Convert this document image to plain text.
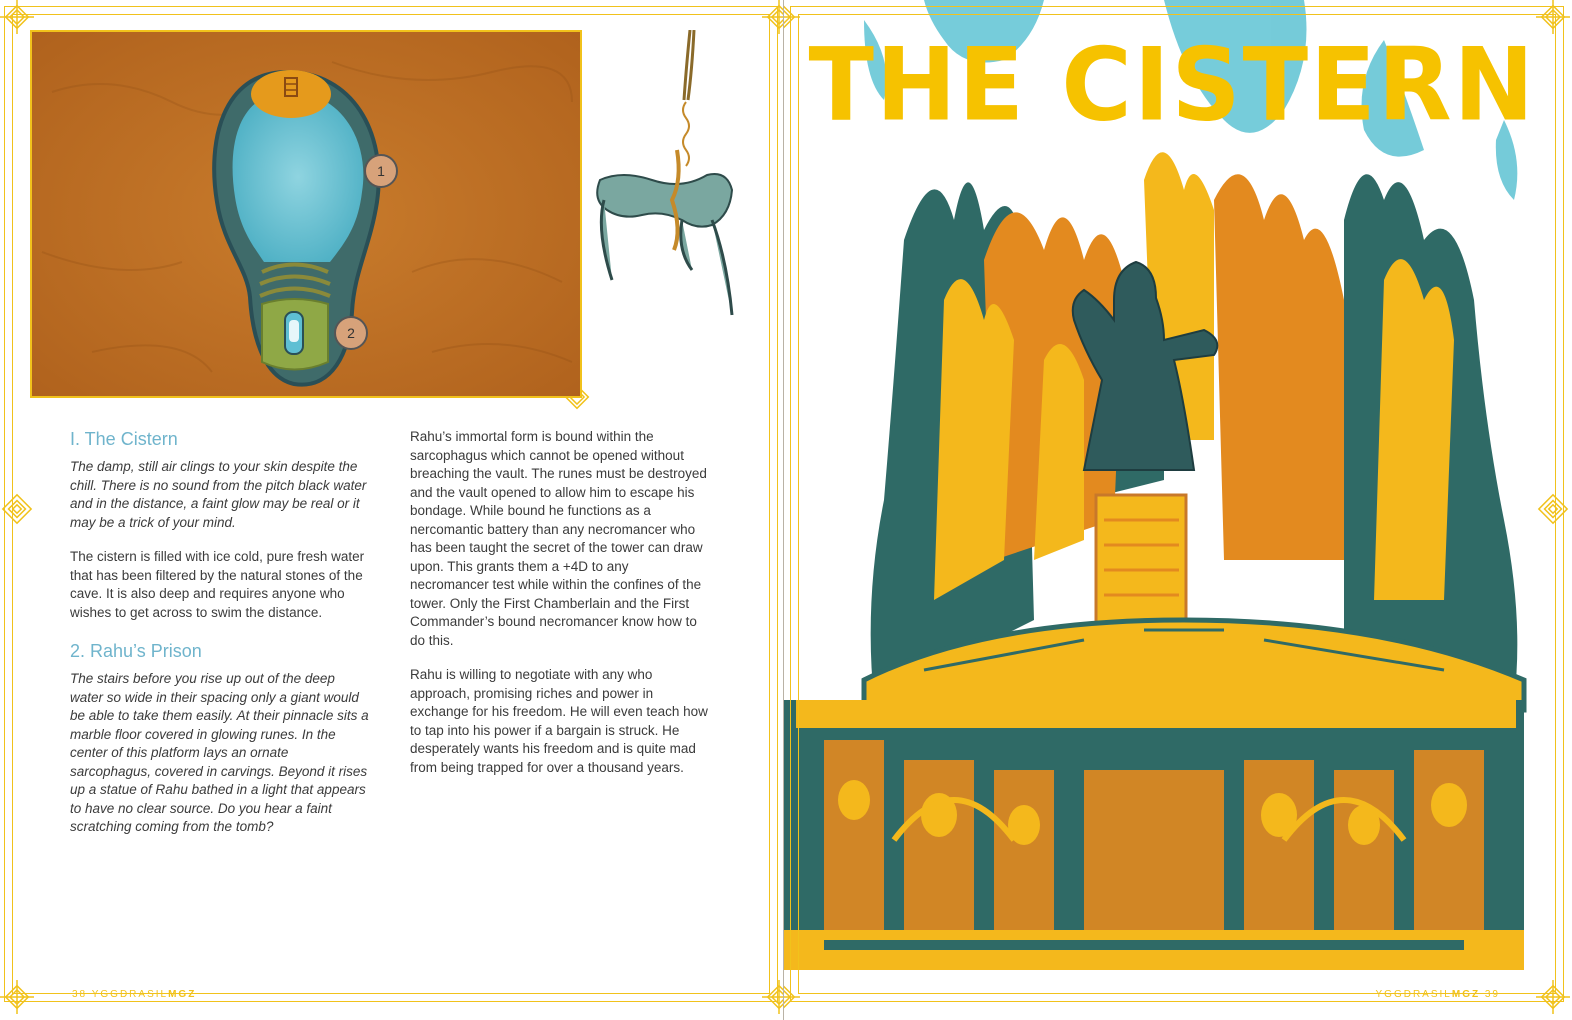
1
2
I. The Cistern

The damp, still air clings to your skin despite the chill. There is no sound from the pitch black water and in the distance, a faint glow may be real or it may be a trick of your mind.

The cistern is filled with ice cold, pure fresh water that has been filtered by the natural stones of the cave. It is also deep and requires anyone who wishes to get across to swim the distance.

2. Rahu’s Prison

The stairs before you rise up out of the deep water so wide in their spacing only a giant would be able to take them easily. At their pinnacle sits a marble floor covered in glowing runes. In the center of this platform lays an ornate sarcophagus, covered in carvings. Beyond it rises up a statue of Rahu bathed in a light that appears to have no clear source. Do you hear a faint scratching coming from the tomb?

Rahu’s immortal form is bound within the sarcophagus which cannot be opened without breaching the vault. The runes must be destroyed and the vault opened to allow him to escape his bondage. While bound he functions as a nercomantic battery than any necromancer who has been taught the secret of the tower can draw upon. This grants them a +4D to any necromancer test while within the confines of the tower. Only the First Chamberlain and the First Commander’s bound necromancer know how to do this.

Rahu is willing to negotiate with any who approach, promising riches and power in exchange for his freedom. He will even teach how to tap into his power if a bargain is struck. He desperately wants his freedom and is quite mad from being trapped for over a thousand years.

38 YGGDRASILMGZ
THE CISTERN
YGGDRASILMGZ 39
